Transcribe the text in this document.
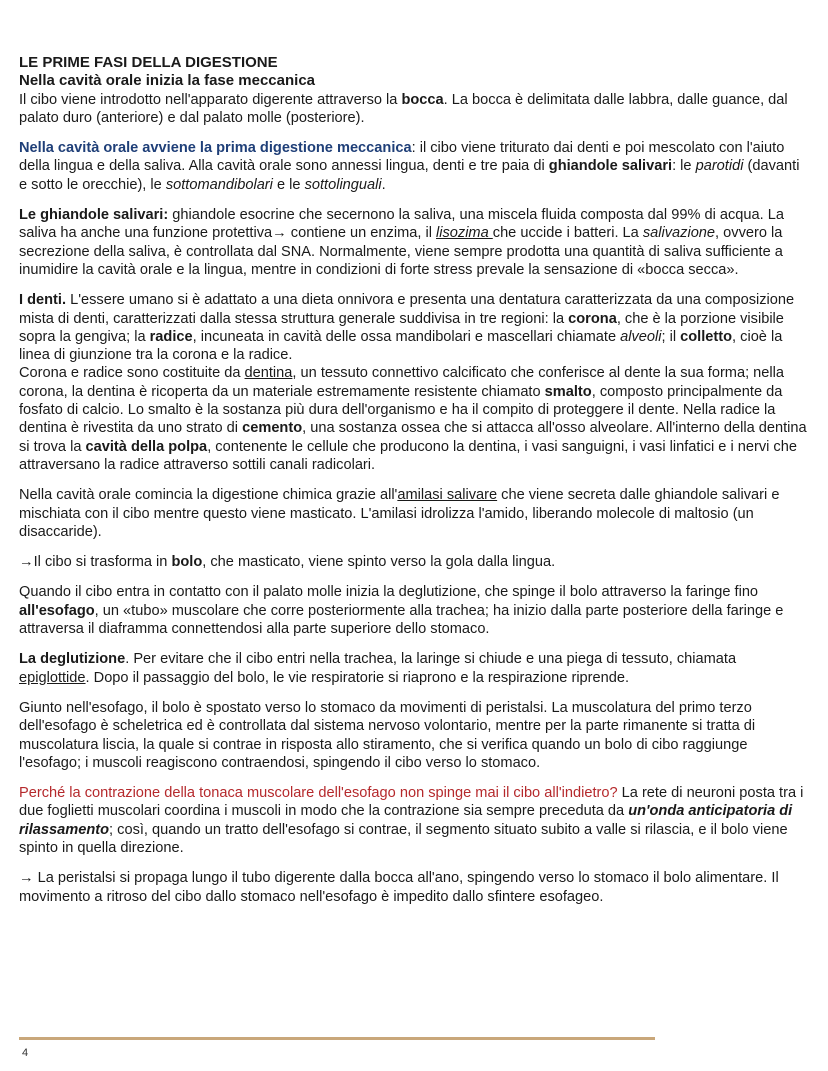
LE PRIME FASI DELLA DIGESTIONE

Nella cavità orale inizia la fase meccanica

Il cibo viene introdotto nell'apparato digerente attraverso la bocca. La bocca è delimitata dalle labbra, dalle guance, dal palato duro (anteriore) e dal palato molle (posteriore).

Nella cavità orale avviene la prima digestione meccanica: il cibo viene triturato dai denti e poi mescolato con l'aiuto della lingua e della saliva. Alla cavità orale sono annessi lingua, denti e tre paia di ghiandole salivari: le parotidi (davanti e sotto le orecchie), le sottomandibolari e le sottolinguali.

Le ghiandole salivari: ghiandole esocrine che secernono la saliva, una miscela fluida composta dal 99% di acqua. La saliva ha anche una funzione protettiva→ contiene un enzima, il lisozima che uccide i batteri. La salivazione, ovvero la secrezione della saliva, è controllata dal SNA. Normalmente, viene sempre prodotta una quantità di saliva sufficiente a inumidire la cavità orale e la lingua, mentre in condizioni di forte stress prevale la sensazione di «bocca secca».

I denti. L'essere umano si è adattato a una dieta onnivora e presenta una dentatura caratterizzata da una composizione mista di denti, caratterizzati dalla stessa struttura generale suddivisa in tre regioni: la corona, che è la porzione visibile sopra la gengiva; la radice, incuneata in cavità delle ossa mandibolari e mascellari chiamate alveoli; il colletto, cioè la linea di giunzione tra la corona e la radice.

Corona e radice sono costituite da dentina, un tessuto connettivo calcificato che conferisce al dente la sua forma; nella corona, la dentina è ricoperta da un materiale estremamente resistente chiamato smalto, composto principalmente da fosfato di calcio. Lo smalto è la sostanza più dura dell'organismo e ha il compito di proteggere il dente. Nella radice la dentina è rivestita da uno strato di cemento, una sostanza ossea che si attacca all'osso alveolare. All'interno della dentina si trova la cavità della polpa, contenente le cellule che producono la dentina, i vasi sanguigni, i vasi linfatici e i nervi che attraversano la radice attraverso sottili canali radicolari.

Nella cavità orale comincia la digestione chimica grazie all'amilasi salivare che viene secreta dalle ghiandole salivari e mischiata con il cibo mentre questo viene masticato. L'amilasi idrolizza l'amido, liberando molecole di maltosio (un disaccaride).

→Il cibo si trasforma in bolo, che masticato, viene spinto verso la gola dalla lingua.

Quando il cibo entra in contatto con il palato molle inizia la deglutizione, che spinge il bolo attraverso la faringe fino all'esofago, un «tubo» muscolare che corre posteriormente alla trachea; ha inizio dalla parte posteriore della faringe e attraversa il diaframma connettendosi alla parte superiore dello stomaco.

La deglutizione. Per evitare che il cibo entri nella trachea, la laringe si chiude e una piega di tessuto, chiamata epiglottide. Dopo il passaggio del bolo, le vie respiratorie si riaprono e la respirazione riprende.

Giunto nell'esofago, il bolo è spostato verso lo stomaco da movimenti di peristalsi. La muscolatura del primo terzo dell'esofago è scheletrica ed è controllata dal sistema nervoso volontario, mentre per la parte rimanente si tratta di muscolatura liscia, la quale si contrae in risposta allo stiramento, che si verifica quando un bolo di cibo raggiunge l'esofago; i muscoli reagiscono contraendosi, spingendo il cibo verso lo stomaco.

Perché la contrazione della tonaca muscolare dell'esofago non spinge mai il cibo all'indietro? La rete di neuroni posta tra i due foglietti muscolari coordina i muscoli in modo che la contrazione sia sempre preceduta da un'onda anticipatoria di rilassamento; così, quando un tratto dell'esofago si contrae, il segmento situato subito a valle si rilascia, e il bolo viene spinto in quella direzione.

→ La peristalsi si propaga lungo il tubo digerente dalla bocca all'ano, spingendo verso lo stomaco il bolo alimentare. Il movimento a ritroso del cibo dallo stomaco nell'esofago è impedito dallo sfintere esofageo.

4
